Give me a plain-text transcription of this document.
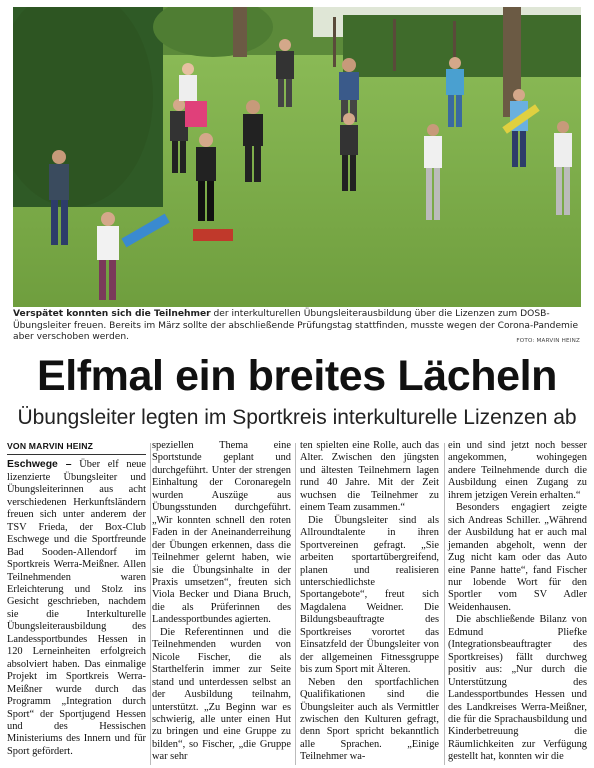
Verspätet konnten sich die Teilnehmer der interkulturellen Übungsleiterausbildung über die Lizenzen zum DOSB-Übungsleiter freuen. Bereits im März sollte der abschließende Prüfungstag stattfinden, musste wegen der Corona-Pandemie aber verschoben werden.	FOTO: MARVIN HEINZ
Elfmal ein breites Lächeln
Übungsleiter legten im Sportkreis interkulturelle Lizenzen ab
VON MARVIN HEINZ

Eschwege – Über elf neue lizenzierte Übungsleiter und Übungsleiterinnen aus acht verschiedenen Herkunftsländern freuen sich unter anderem der TSV Frieda, der Box-Club Eschwege und die Sportfreunde Bad Sooden-Allendorf im Sportkreis Werra-Meißner. Allen Teilnehmenden waren Erleichterung und Stolz ins Gesicht geschrieben, nachdem sie die Interkulturelle Übungsleiterausbildung des Landessportbundes Hessen in 120 Lerneinheiten erfolgreich absolviert haben. Das einmalige Projekt im Sportkreis Werra-Meißner wurde durch das Programm „Integration durch Sport“ der Sportjugend Hessen und des Hessischen Ministeriums des Innern und für Sport gefördert.

speziellen Thema eine Sportstunde geplant und durchgeführt. Unter der strengen Einhaltung der Coronaregeln wurden Auszüge aus Übungsstunden durchgeführt. „Wir konnten schnell den roten Faden in der Aneinanderreihung der Übungen erkennen, dass die Teilnehmer gelernt haben, wie sie die Übungsinhalte in der Praxis umsetzen“, freuten sich Viola Becker und Diana Bruch, die als Prüferinnen des Landessportbundes agierten.

Die Referentinnen und die Teilnehmenden wurden von Nicole Fischer, die als Starthelferin immer zur Seite stand und unterdessen selbst an der Ausbildung teilnahm, unterstützt. „Zu Beginn war es schwierig, alle unter einen Hut zu bringen und eine Gruppe zu bilden“, so Fischer, „die Gruppe war sehr

ten spielten eine Rolle, auch das Alter. Zwischen den jüngsten und ältesten Teilnehmern lagen rund 40 Jahre. Mit der Zeit wuchsen die Teilnehmer zu einem Team zusammen.“

Die Übungsleiter sind als Allroundtalente in ihren Sportvereinen gefragt. „Sie arbeiten sportartübergreifend, planen und realisieren unterschiedlichste Sportangebote“, freut sich Magdalena Weidner. Die Bildungsbeauftragte des Sportkreises vorortet das Einsatzfeld der Übungsleiter von der allgemeinen Fitnessgruppe bis zum Sport mit Älteren.

Neben den sportfachlichen Qualifikationen sind die Übungsleiter auch als Vermittler zwischen den Kulturen gefragt, denn Sport spricht bekanntlich alle Sprachen. „Einige Teilnehmer wa-

ein und sind jetzt noch besser angekommen, wohingegen andere Teilnehmende durch die Ausbildung einen Zugang zu ihrem jetzigen Verein erhalten.“

Besonders engagiert zeigte sich Andreas Schiller. „Während der Ausbildung hat er auch mal jemanden abgeholt, wenn der Zug nicht kam oder das Auto eine Panne hatte“, fand Fischer nur lobende Wort für den Sportler vom SV Adler Weidenhausen.

Die abschließende Bilanz von Edmund Pliefke (Integrationsbeauftragter des Sportkreises) fällt durchweg positiv aus: „Nur durch die Unterstützung des Landessportbundes Hessen und des Landkreises Werra-Meißner, die für die Sprachausbildung und Kinderbetreuung die Räumlichkeiten zur Verfügung gestellt hat, konnten wir die
